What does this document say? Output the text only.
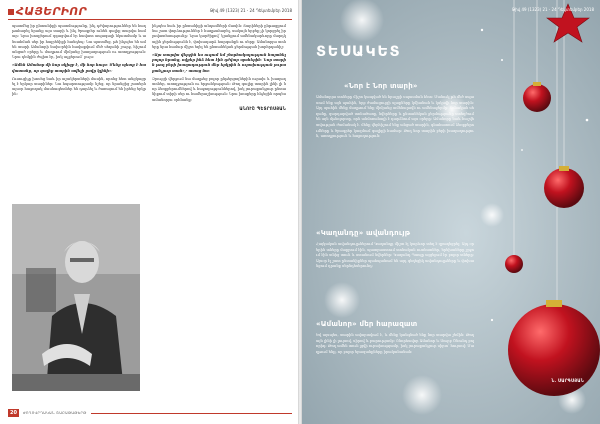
ՀԱՅԵՐԻՈՐ	Թիվ 49 (1323) 21 - 24 Դեկտեմբեր 2018

պատմեց իր ընտանիքի պատմությունը, ինչ դժվարություններ են հաղթահարել նրանք այս տարի և ինչ ծրագրեր ունեն գալիք տարվա համար։ Նրա խոսքերում զգացվում էր հավատ ապագայի նկատմամբ և անսահման սեր իր հայրենիքի հանդեպ։ Նա պատմեց, թե ինչպես են ամեն տարի Ամանորի նախօրեին հավաքվում մեծ սեղանի շուրջ, հիշում անցած օրերը և մաղթում միմյանց խաղաղություն ու առողջություն։ Նրա դեմքին ժպիտ էր, իսկ աչքերում՝ լույս։

«Ամեն Ամանոր մի նոր սկիզբ է, մի նոր հույս։ Մենք պետք է հավատանք, որ գալիք տարին ավելի լավը կլինի»։

Ուսուցիչը խոսեց նաև իր աշակերտների մասին, որոնց հետ անցկացրել է երկար տարիներ։ Նա հպարտությամբ նշեց, որ նրանցից շատերն այսօր հաջողակ մասնագետներ են դարձել և ծառայում են իրենց երկրին։

ինչպես նաև իր ընտանիքի անդամների մասին։ Տարիների ընթացքում նա շատ փորձություններ է հաղթահարել, սակայն երբեք չի կորցրել իր լավատեսությունը։ Նրա կարծիքով՝ կյանքում ամենակարևորը մարդկային ջերմությունն է, փոխադարձ հարգանքն ու սերը։ Ամանորյա տոները նրա համար միշտ եղել են ընտանեկան ջերմության խորհրդանիշ։

«Այս տարվա վերջին ես ուզում եմ շնորհակալություն հայտնել բոլոր նրանց, ովքեր ինձ հետ էին դժվար պահերին։ Նոր տարին թող բերի խաղաղություն մեր երկրին և ուրախություն յուրաքանչյուր տան»,- ասաց նա։

Զրույցի վերջում նա մաղթեց բոլոր ընթերցողներին ուրախ և խաղաղ տոներ, առողջություն ու երջանկություն։ Թող գալիք տարին լինի լի նոր ձեռքբերումներով և հաջողություններով, իսկ յուրաքանչյուր ընտանիքում տիրի սեր ու համերաշխություն։ Նրա խոսքերը հնչեցին որպես ամանորյա օրհնանք։

ԱՆՈՒՇ ՊԵՏՐՈՍՅԱՆ
20	ԺՈՂՈՎՐԴԱԿԱՆ ՇԱԲԱԹԱԹԵՐԹ
Թիվ 49 (1323) 21 - 24 Դեկտեմբեր 2018
ՏԵՍԱԿԵՏ
«Նոր է Նոր տարի»

Ամանորյա տոները միշտ կապված են հրաշքի սպասման հետ։ Մանուկ թե մեծ սպասում ենք այն պահին, երբ ժամացույցի սլաքները կմիանան և կսկսվի նոր տարին։ Այդ պահին մենք մաղթում ենք միմյանց ամենալավն ու ամենաջերմը։ Տոնական սեղանը, զարդարված տոնածառը, նվերները և ընտանեկան ջերմությունը ստեղծում են այն մթնոլորտը, որն անմոռանալի է դարձնում այս օրերը։ Ամանորը նաև հաշվետվության ժամանակ է. մենք վերհիշում ենք անցած տարին, գնահատում ձեռքբերումները և ծրագրեր կազմում գալիքի համար։ Թող նոր տարին բերի խաղաղություն, առողջություն և հաջողություն։

«Կաղանդը» ավանդույթ

Հայկական ավանդույթներում Կաղանդը միշտ էլ կարևոր տեղ է զբաղեցրել։ Այդ օրերին տները մաքրում էին, պատրաստում տոնական ուտեստներ, երեխաները շրջում էին տնից տուն և ստանում նվերներ։ Կաղանդ Պապը այցելում էր բոլոր տները։ Այսօր էլ շատ ընտանիքներ պահպանում են այդ գեղեցիկ ավանդույթները և փոխանցում դրանք սերնդեսերունդ։

«Ամանոր» մեր հարազատ

Եվ այսպես, տարին ավարտվում է, և մենք կանգնած ենք նոր տարվա շեմին։ Թող այն լինի լի լույսով, սիրով և բարությամբ։ Շնորհավոր Ամանոր և Սուրբ Ծնունդ բոլորիդ։ Թող ամեն տուն լցվի ուրախությամբ, իսկ յուրաքանչյուր սիրտ՝ հույսով։ Մաղթում ենք, որ բոլոր երազանքները իրականանան։

Ն. ՍԱՐԳՍՅԱՆ
